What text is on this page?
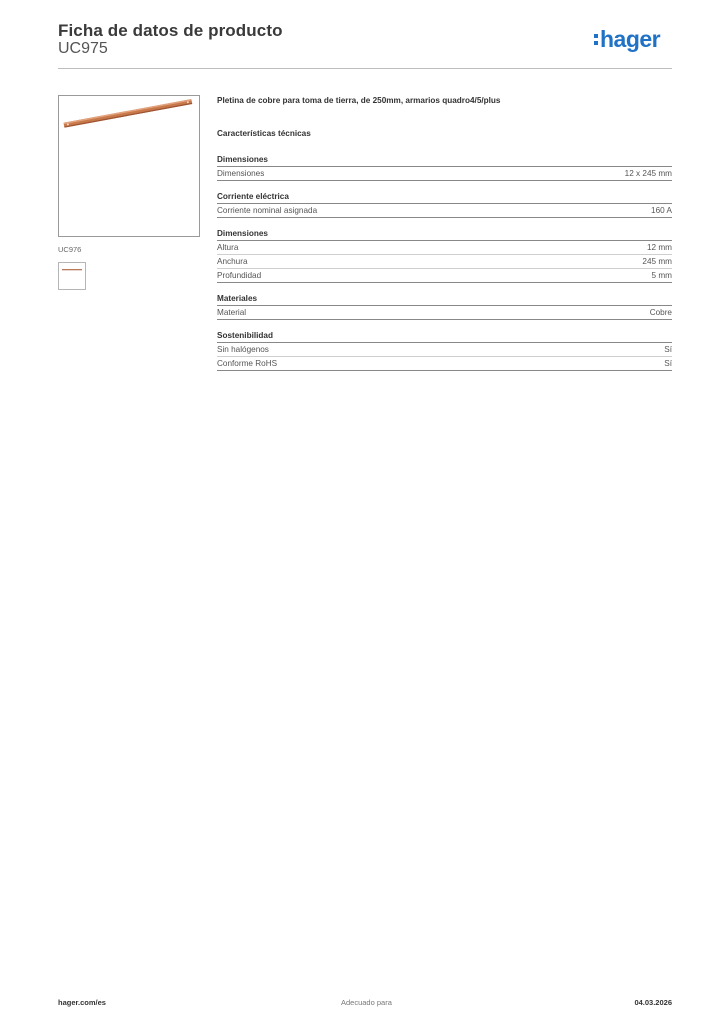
Ficha de datos de producto
UC975	hager
UC976
Pletina de cobre para toma de tierra, de 250mm, armarios quadro4/5/plus
Características técnicas
Dimensiones
Dimensiones	12 x 245 mm
Corriente eléctrica
Corriente nominal asignada	160 A
Dimensiones
Altura	12 mm
Anchura	245 mm
Profundidad	5 mm
Materiales
Material	Cobre
Sostenibilidad
Sin halógenos	Sí
Conforme RoHS	Sí
hager.com/es	Adecuado para	04.03.2026
